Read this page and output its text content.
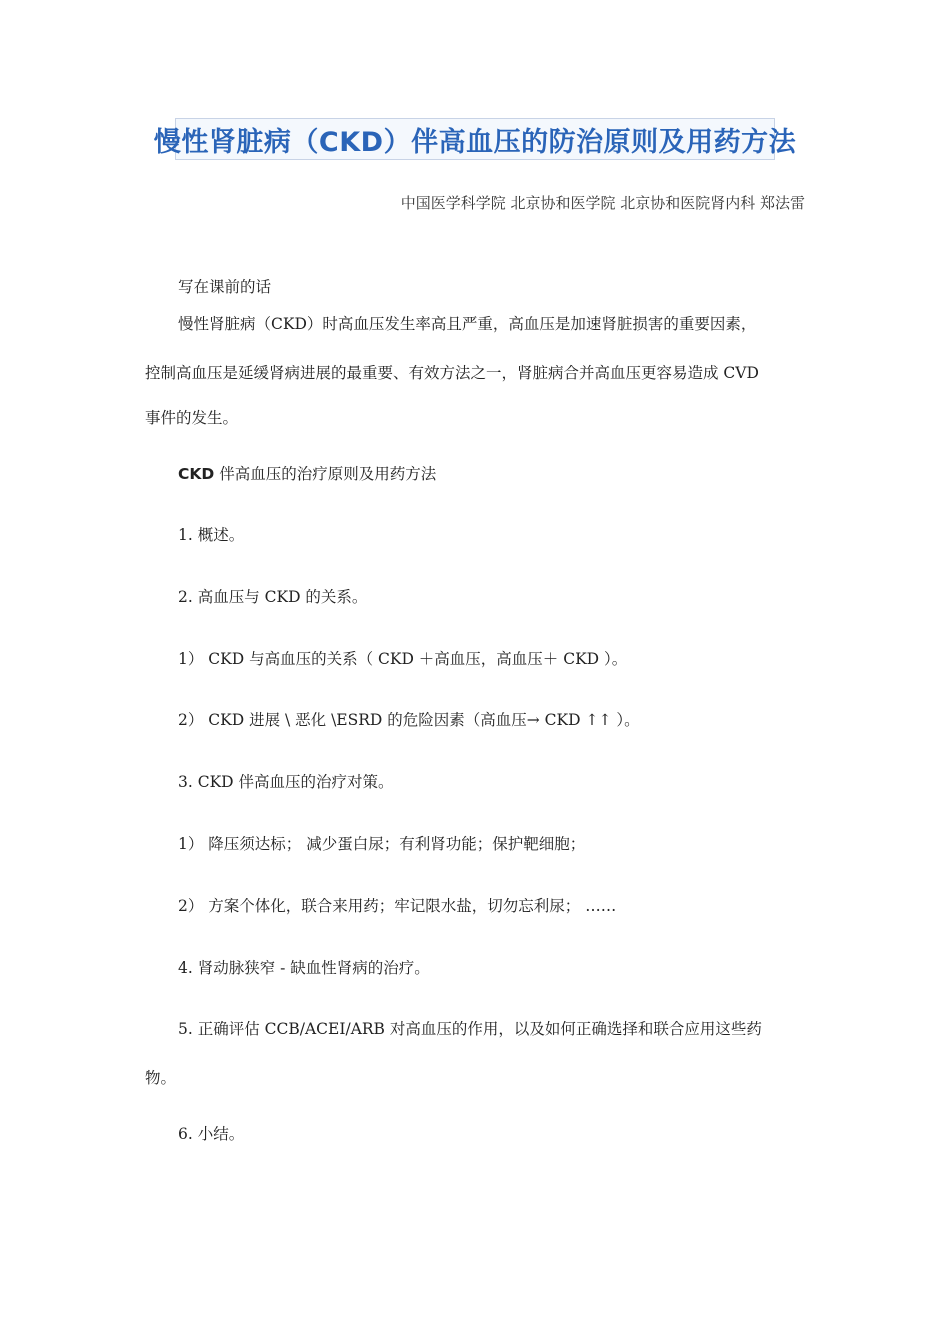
慢性肾脏病（CKD）伴高血压的防治原则及用药方法
中国医学科学院 北京协和医学院 北京协和医院肾内科 郑法雷
写在课前的话
慢性肾脏病（CKD）时高血压发生率高且严重，高血压是加速肾脏损害的重要因素，
控制高血压是延缓肾病进展的最重要、有效方法之一，肾脏病合并高血压更容易造成 CVD
事件的发生。
CKD 伴高血压的治疗原则及用药方法
1. 概述。
2. 高血压与 CKD 的关系。
1） CKD 与高血压的关系（ CKD ＋高血压，高血压＋ CKD ）。
2） CKD 进展 \ 恶化 \ESRD 的危险因素（高血压→ CKD ↑↑ ）。
3. CKD 伴高血压的治疗对策。
1） 降压须达标； 减少蛋白尿；有利肾功能；保护靶细胞；
2） 方案个体化，联合来用药；牢记限水盐，切勿忘利尿； ……
4. 肾动脉狭窄 - 缺血性肾病的治疗。
5. 正确评估 CCB/ACEI/ARB 对高血压的作用，以及如何正确选择和联合应用这些药
物。
6. 小结。
